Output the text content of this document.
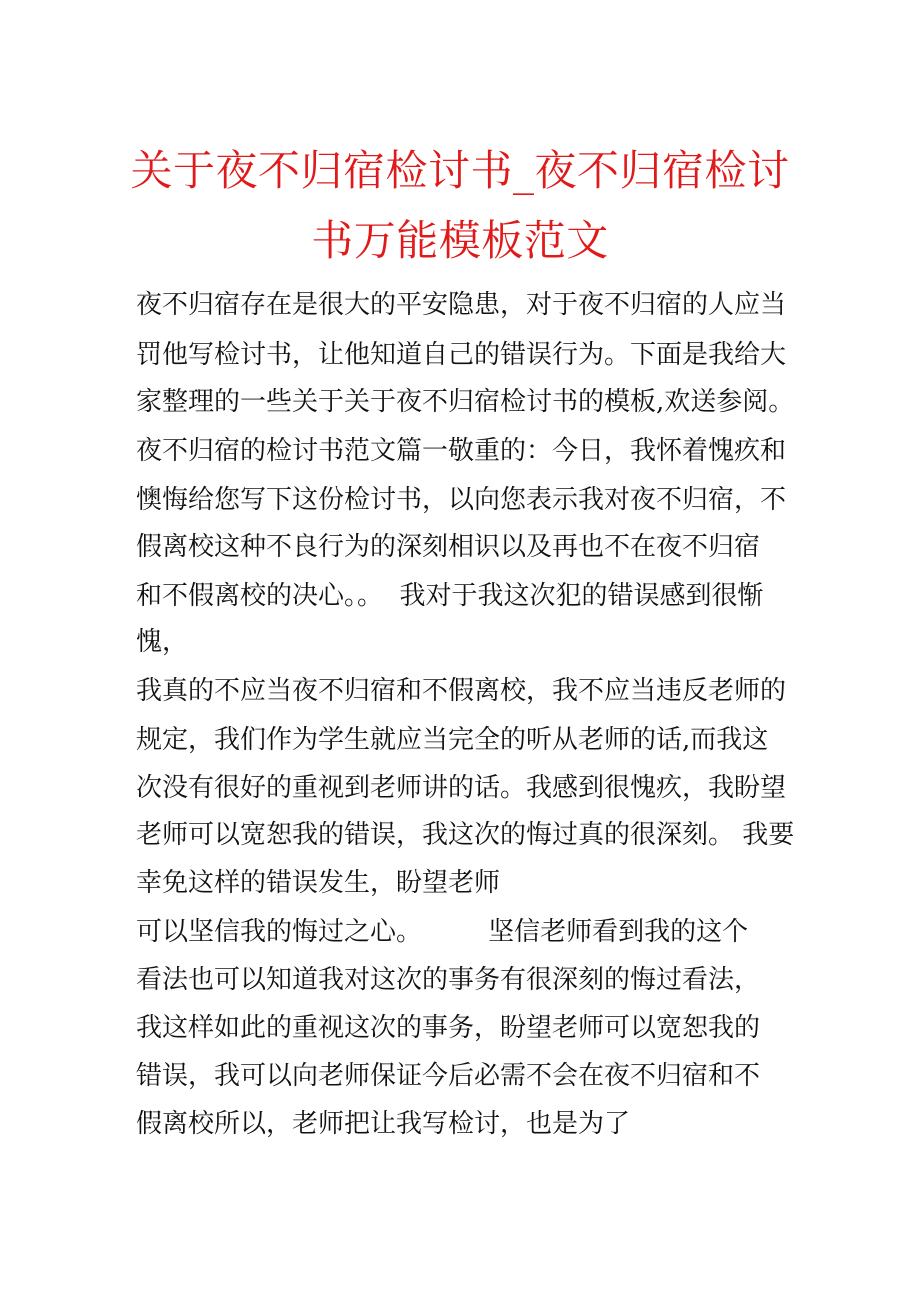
关于夜不归宿检讨书_夜不归宿检讨
书万能模板范文
夜不归宿存在是很大的平安隐患，对于夜不归宿的人应当
罚他写检讨书，让他知道自己的错误行为。下面是我给大
家整理的一些关于关于夜不归宿检讨书的模板,欢送参阅。
夜不归宿的检讨书范文篇一敬重的：今日，我怀着愧疚和
懊悔给您写下这份检讨书，以向您表示我对夜不归宿，不
假离校这种不良行为的深刻相识以及再也不在夜不归宿
和不假离校的决心。。  我对于我这次犯的错误感到很惭
愧，
我真的不应当夜不归宿和不假离校，我不应当违反老师的
规定，我们作为学生就应当完全的听从老师的话,而我这
次没有很好的重视到老师讲的话。我感到很愧疚，我盼望
老师可以宽恕我的错误，我这次的悔过真的很深刻。 我要
幸免这样的错误发生，盼望老师
可以坚信我的悔过之心。        坚信老师看到我的这个
看法也可以知道我对这次的事务有很深刻的悔过看法，
我这样如此的重视这次的事务，盼望老师可以宽恕我的
错误，我可以向老师保证今后必需不会在夜不归宿和不
假离校所以，老师把让我写检讨，也是为了
